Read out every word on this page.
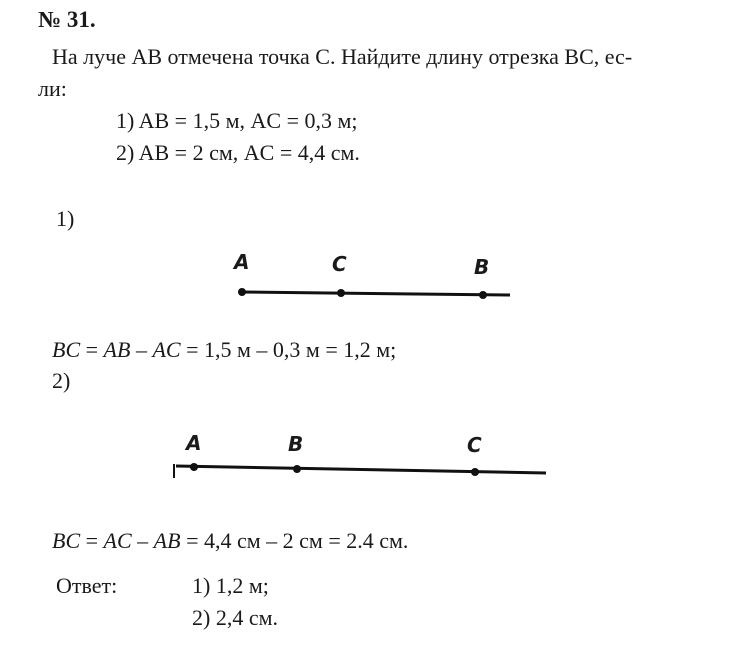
№ 31.
На луче AB отмечена точка C. Найдите длину отрезка BC, ес-
ли:
1) AB = 1,5 м, AC = 0,3 м;
2) AB = 2 см, AC = 4,4 см.
1)
A	C	B
BC = AB – AC = 1,5 м – 0,3 м = 1,2 м;
2)
A	B	C
BC = AC – AB = 4,4 см – 2 см = 2.4 см.
Ответ:	1) 1,2 м;
2) 2,4 см.
